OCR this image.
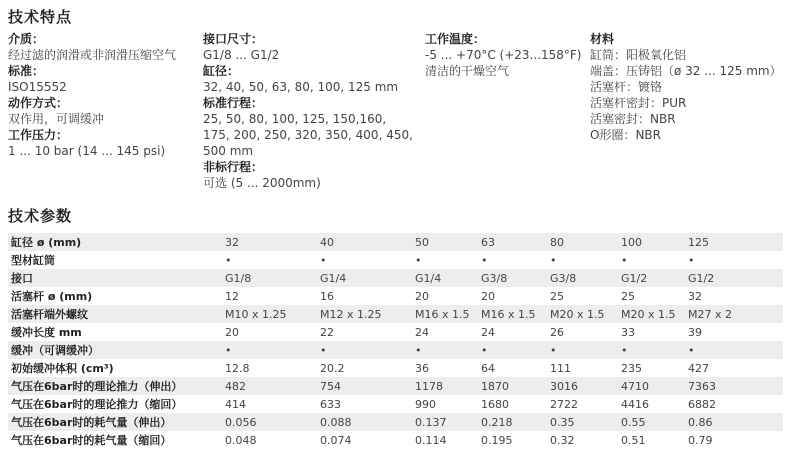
技术特点
介质：
经过滤的润滑或非润滑压缩空气
标准：
ISO15552
动作方式：
双作用，可调缓冲
工作压力：
1 ... 10 bar (14 ... 145 psi)
接口尺寸：
G1/8 ... G1/2
缸径：
32, 40, 50, 63, 80, 100, 125 mm
标准行程：
25, 50, 80, 100, 125, 150,160,
175, 200, 250, 320, 350, 400, 450,
500 mm
非标行程：
可选 (5 ... 2000mm)
工作温度：
-5 ... +70°C (+23...158°F)
清洁的干燥空气
材料
缸筒：阳极氧化铝
端盖：压铸铝（ø 32 ... 125 mm）
活塞杆：镀铬
活塞杆密封：PUR
活塞密封：NBR
O形圈：NBR
技术参数
缸径 ø (mm)	32	40	50	63	80	100	125
型材缸筒	•	•	•	•	•	•	•
接口	G1/8	G1/4	G1/4	G3/8	G3/8	G1/2	G1/2
活塞杆 ø (mm)	12	16	20	20	25	25	32
活塞杆端外螺纹	M10 x 1.25	M12 x 1.25	M16 x 1.5	M16 x 1.5	M20 x 1.5	M20 x 1.5	M27 x 2
缓冲长度 mm	20	22	24	24	26	33	39
缓冲（可调缓冲）	•	•	•	•	•	•	•
初始缓冲体积 (cm³)	12.8	20.2	36	64	111	235	427
气压在6bar时的理论推力（伸出）	482	754	1178	1870	3016	4710	7363
气压在6bar时的理论推力（缩回）	414	633	990	1680	2722	4416	6882
气压在6bar时的耗气量（伸出）	0.056	0.088	0.137	0.218	0.35	0.55	0.86
气压在6bar时的耗气量（缩回）	0.048	0.074	0.114	0.195	0.32	0.51	0.79
